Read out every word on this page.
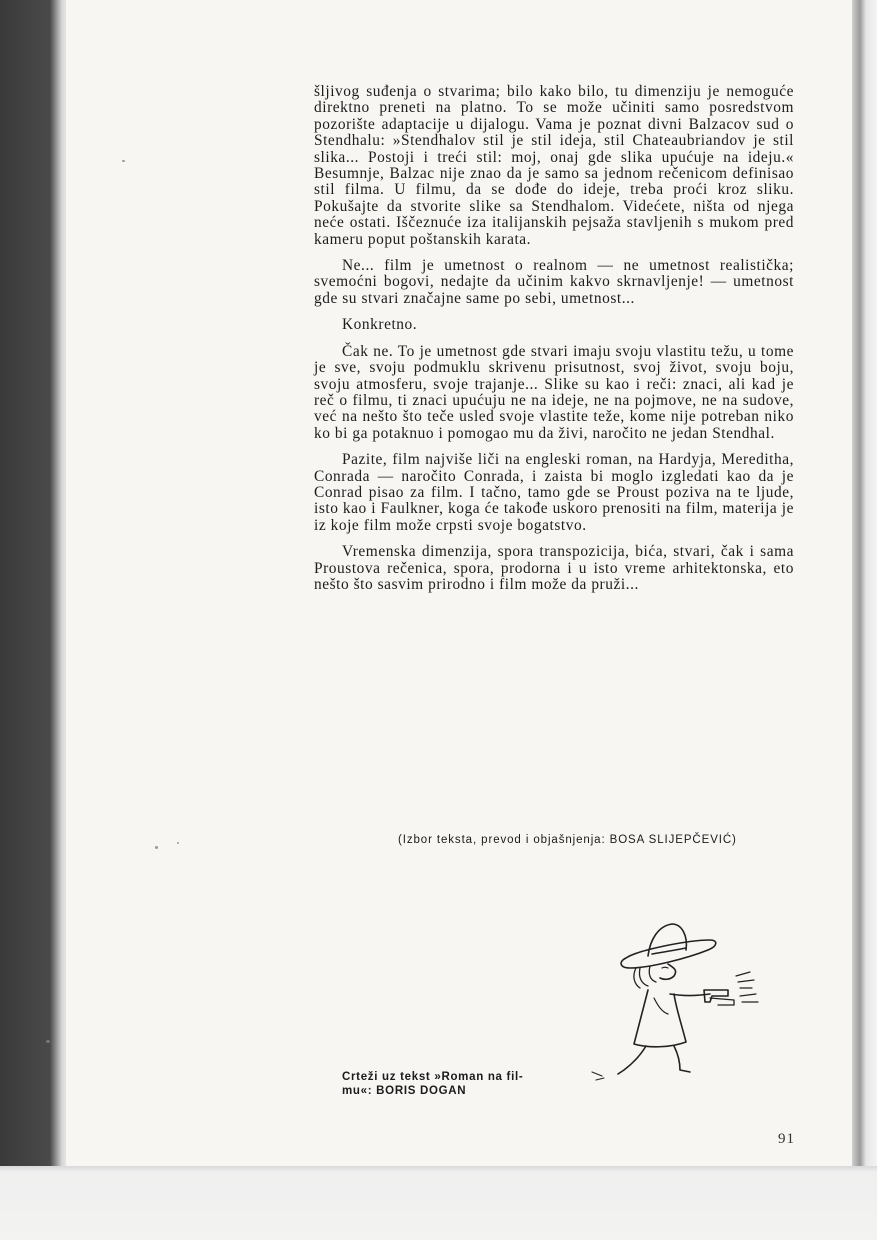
šljivog suđenja o stvarima; bilo kako bilo, tu dimenziju je nemoguće direktno preneti na platno. To se može učiniti samo posredstvom pozorište adaptacije u dijalogu. Vama je poznat divni Balzacov sud o Stendhalu: »Stendhalov stil je stil ideja, stil Chateaubriandov je stil slika... Postoji i treći stil: moj, onaj gde slika upućuje na ideju.« Besumnje, Balzac nije znao da je samo sa jednom rečenicom definisao stil filma. U filmu, da se dođe do ideje, treba proći kroz sliku. Pokušajte da stvorite slike sa Stendhalom. Videćete, ništa od njega neće ostati. Iščeznuće iza italijanskih pejsaža stavljenih s mukom pred kameru poput poštanskih karata.

Ne... film je umetnost o realnom — ne umetnost realistička; svemoćni bogovi, nedajte da učinim kakvo skrnavljenje! — umetnost gde su stvari značajne same po sebi, umetnost...

Konkretno.

Čak ne. To je umetnost gde stvari imaju svoju vlastitu težu, u tome je sve, svoju podmuklu skrivenu prisutnost, svoj život, svoju boju, svoju atmosferu, svoje trajanje... Slike su kao i reči: znaci, ali kad je reč o filmu, ti znaci upućuju ne na ideje, ne na pojmove, ne na sudove, već na nešto što teče usled svoje vlastite teže, kome nije potreban niko ko bi ga potaknuo i pomogao mu da živi, naročito ne jedan Stendhal.

Pazite, film najviše liči na engleski roman, na Hardyja, Mereditha, Conrada — naročito Conrada, i zaista bi moglo izgledati kao da je Conrad pisao za film. I tačno, tamo gde se Proust poziva na te ljude, isto kao i Faulkner, koga će takođe uskoro prenositi na film, materija je iz koje film može crpsti svoje bogatstvo.

Vremenska dimenzija, spora transpozicija, bića, stvari, čak i sama Proustova rečenica, spora, prodorna i u isto vreme arhitektonska, eto nešto što sasvim prirodno i film može da pruži...

(Izbor teksta, prevod i objašnjenja: BOSA SLIJEPČEVIĆ)
Crteži uz tekst »Roman na fil-
mu«: BORIS DOGAN
91
